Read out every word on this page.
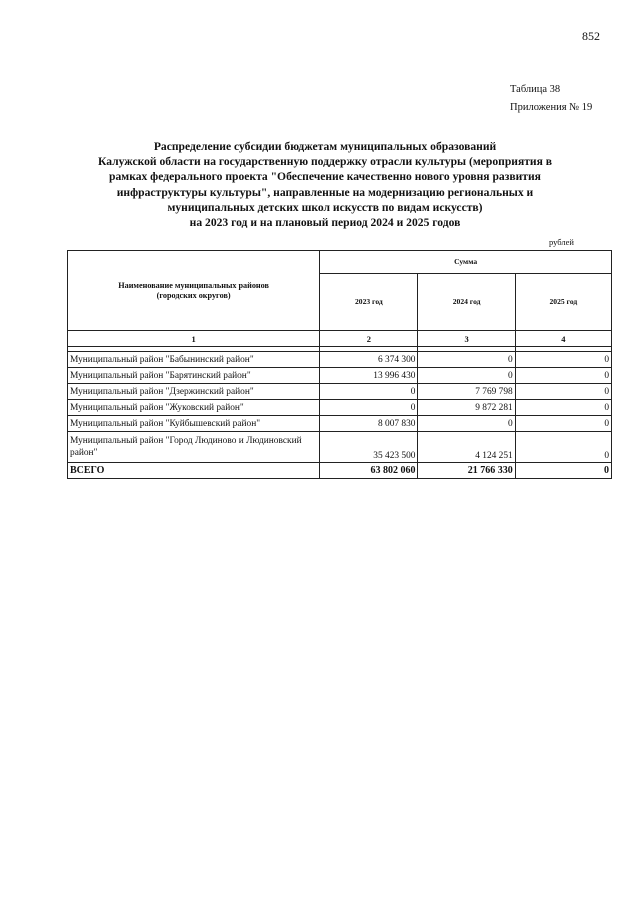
852
Таблица 38
Приложения № 19
Распределение субсидии бюджетам муниципальных образований
Калужской области на государственную поддержку отрасли культуры (мероприятия в
рамках федерального проекта "Обеспечение качественно нового уровня развития
инфраструктуры культуры", направленные на модернизацию региональных и
муниципальных детских школ искусств по видам искусств)
на 2023 год и на плановый период 2024 и 2025 годов
рублей
Наименование муниципальных районов (городских округов)	Сумма		
	2023 год	2024 год	2025 год
1	2	3	4

Муниципальный район "Бабынинский район"	6 374 300	0	0
Муниципальный район "Барятинский район"	13 996 430	0	0
Муниципальный район "Дзержинский район"	0	7 769 798	0
Муниципальный район "Жуковский район"	0	9 872 281	0
Муниципальный район "Куйбышевский район"	8 007 830	0	0
Муниципальный район "Город Людиново и Людиновский район"	35 423 500	4 124 251	0
ВСЕГО	63 802 060	21 766 330	0
